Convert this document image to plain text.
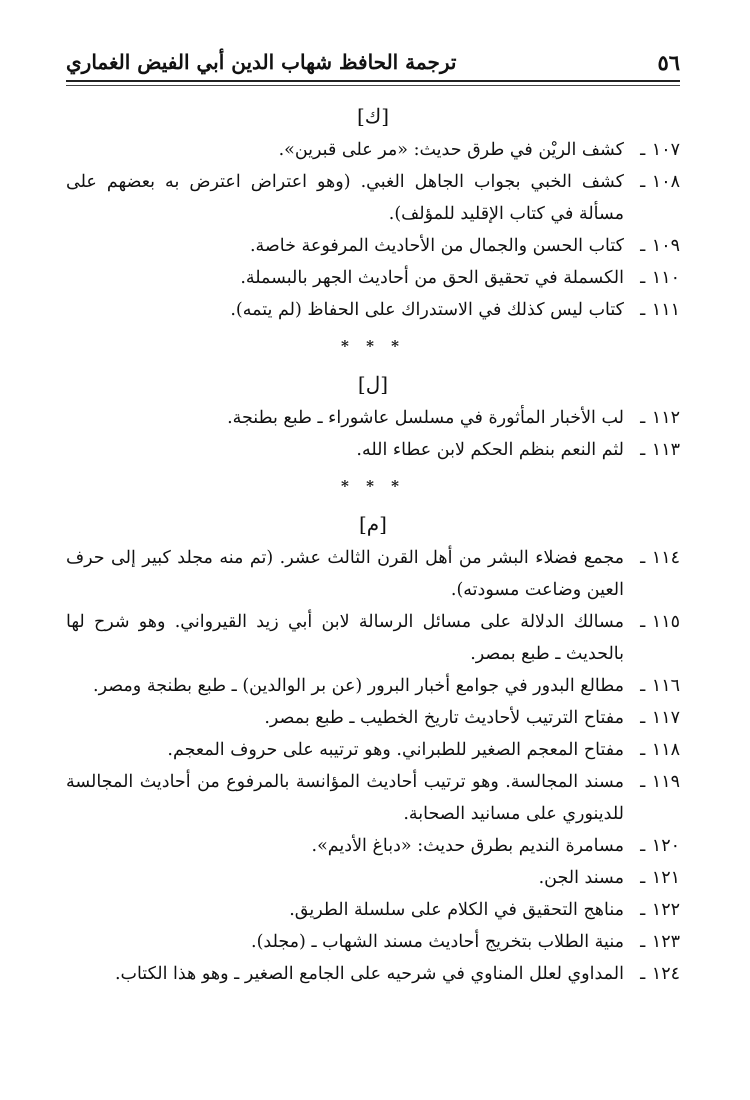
٥٦
ترجمة الحافظ شهاب الدين أبي الفيض الغماري
[ك]
١٠٧ ـ
كشف الريْن في طرق حديث: «مر على قبرين».
١٠٨ ـ
كشف الخبي بجواب الجاهل الغبي. (وهو اعتراض اعترض به بعضهم على مسألة في كتاب الإقليد للمؤلف).
١٠٩ ـ
كتاب الحسن والجمال من الأحاديث المرفوعة خاصة.
١١٠ ـ
الكسملة في تحقيق الحق من أحاديث الجهر بالبسملة.
١١١ ـ
كتاب ليس كذلك في الاستدراك على الحفاظ (لم يتمه).
* * *
[ل]
١١٢ ـ
لب الأخبار المأثورة في مسلسل عاشوراء ـ طبع بطنجة.
١١٣ ـ
لثم النعم بنظم الحكم لابن عطاء الله.
* * *
[م]
١١٤ ـ
مجمع فضلاء البشر من أهل القرن الثالث عشر. (تم منه مجلد كبير إلى حرف العين وضاعت مسودته).
١١٥ ـ
مسالك الدلالة على مسائل الرسالة لابن أبي زيد القيرواني. وهو شرح لها بالحديث ـ طبع بمصر.
١١٦ ـ
مطالع البدور في جوامع أخبار البرور (عن بر الوالدين) ـ طبع بطنجة ومصر.
١١٧ ـ
مفتاح الترتيب لأحاديث تاريخ الخطيب ـ طبع بمصر.
١١٨ ـ
مفتاح المعجم الصغير للطبراني. وهو ترتيبه على حروف المعجم.
١١٩ ـ
مسند المجالسة. وهو ترتيب أحاديث المؤانسة بالمرفوع من أحاديث المجالسة للدينوري على مسانيد الصحابة.
١٢٠ ـ
مسامرة النديم بطرق حديث: «دباغ الأديم».
١٢١ ـ
مسند الجن.
١٢٢ ـ
مناهج التحقيق في الكلام على سلسلة الطريق.
١٢٣ ـ
منية الطلاب بتخريج أحاديث مسند الشهاب ـ (مجلد).
١٢٤ ـ
المداوي لعلل المناوي في شرحيه على الجامع الصغير ـ وهو هذا الكتاب.
